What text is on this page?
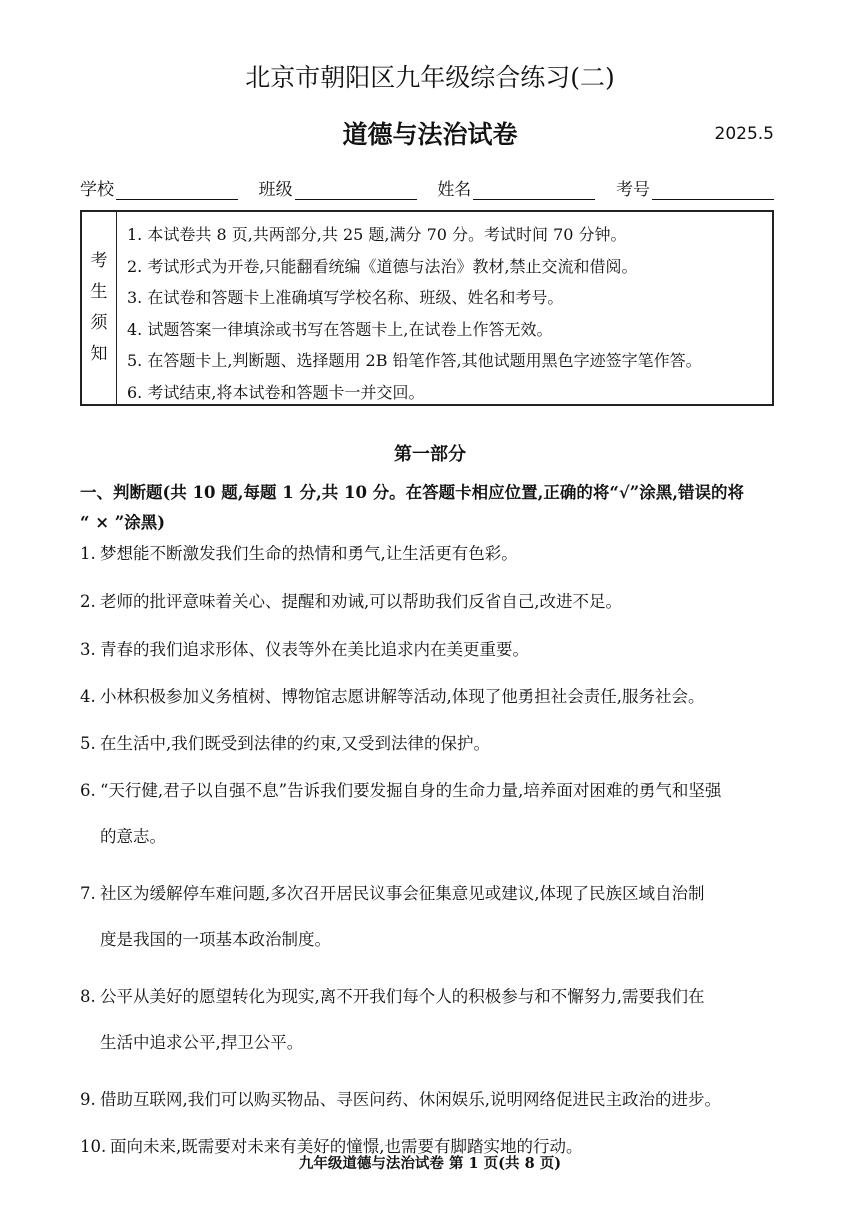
北京市朝阳区九年级综合练习(二)
道德与法治试卷	2025.5
学校	班级	姓名	考号
考
生
须
知
1. 本试卷共 8 页,共两部分,共 25 题,满分 70 分。考试时间 70 分钟。
2. 考试形式为开卷,只能翻看统编《道德与法治》教材,禁止交流和借阅。
3. 在试卷和答题卡上准确填写学校名称、班级、姓名和考号。
4. 试题答案一律填涂或书写在答题卡上,在试卷上作答无效。
5. 在答题卡上,判断题、选择题用 2B 铅笔作答,其他试题用黑色字迹签字笔作答。
6. 考试结束,将本试卷和答题卡一并交回。
第一部分
一、判断题(共 10 题,每题 1 分,共 10 分。在答题卡相应位置,正确的将“√”涂黑,错误的将
“ × ”涂黑)
1. 梦想能不断激发我们生命的热情和勇气,让生活更有色彩。
2. 老师的批评意味着关心、提醒和劝诫,可以帮助我们反省自己,改进不足。
3. 青春的我们追求形体、仪表等外在美比追求内在美更重要。
4. 小林积极参加义务植树、博物馆志愿讲解等活动,体现了他勇担社会责任,服务社会。
5. 在生活中,我们既受到法律的约束,又受到法律的保护。
6. “天行健,君子以自强不息”告诉我们要发掘自身的生命力量,培养面对困难的勇气和坚强
的意志。
7. 社区为缓解停车难问题,多次召开居民议事会征集意见或建议,体现了民族区域自治制
度是我国的一项基本政治制度。
8. 公平从美好的愿望转化为现实,离不开我们每个人的积极参与和不懈努力,需要我们在
生活中追求公平,捍卫公平。
9. 借助互联网,我们可以购买物品、寻医问药、休闲娱乐,说明网络促进民主政治的进步。
10. 面向未来,既需要对未来有美好的憧憬,也需要有脚踏实地的行动。
九年级道德与法治试卷 第 1 页(共 8 页)
